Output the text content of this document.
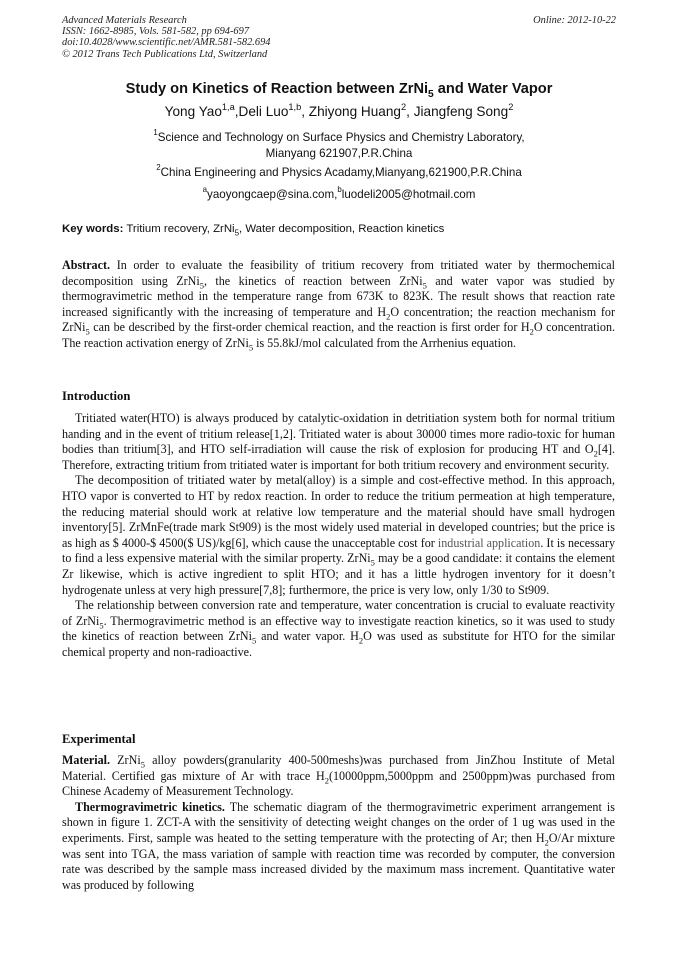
Advanced Materials Research
ISSN: 1662-8985, Vols. 581-582, pp 694-697
doi:10.4028/www.scientific.net/AMR.581-582.694
© 2012 Trans Tech Publications Ltd, Switzerland
Online: 2012-10-22
Study on Kinetics of Reaction between ZrNi$_5$ and Water Vapor
Yong Yao$^{1,a}$,Deli Luo$^{1,b}$, Zhiyong Huang$^2$, Jiangfeng Song$^2$
$^1$Science and Technology on Surface Physics and Chemistry Laboratory,
Mianyang 621907,P.R.China
$^2$China Engineering and Physics Acadamy,Mianyang,621900,P.R.China
$^a$yaoyongcaep@sina.com,$^b$luodeli2005@hotmail.com
Key words: Tritium recovery, ZrNi$_5$, Water decomposition, Reaction kinetics

Abstract. In order to evaluate the feasibility of tritium recovery from tritiated water by thermochemical decomposition using ZrNi$_5$, the kinetics of reaction between ZrNi$_5$ and water vapor was studied by thermogravimetric method in the temperature range from 673K to 823K. The result shows that reaction rate increased significantly with the increasing of temperature and $H_2O$ concentration; the reaction mechanism for ZrNi$_5$ can be described by the first-order chemical reaction, and the reaction is first order for $H_2O$ concentration. The reaction activation energy of ZrNi$_5$ is 55.8kJ/mol calculated from the Arrhenius equation.

Introduction

Tritiated water(HTO) is always produced by catalytic-oxidation in detritiation system both for normal tritium handing and in the event of tritium release[1,2]. Tritiated water is about 30000 times more radio-toxic for human bodies than tritium[3], and HTO self-irradiation will cause the risk of explosion for producing HT and $O_2[4]$. Therefore, extracting tritium from tritiated water is important for both tritium recovery and environment security.

The decomposition of tritiated water by metal(alloy) is a simple and cost-effective method. In this approach, HTO vapor is converted to HT by redox reaction. In order to reduce the tritium permeation at high temperature, the reducing material should work at relative low temperature and the material should have small hydrogen inventory[5]. ZrMnFe(trade mark St909) is the most widely used material in developed countries; but the price is as high as $ 4000-$ 4500($ US)/kg[6], which cause the unacceptable cost for industrial application. It is necessary to find a less expensive material with the similar property. ZrNi$_5$ may be a good candidate: it contains the element Zr likewise, which is active ingredient to split HTO; and it has a little hydrogen inventory for it doesn’t hydrogenate unless at very high pressure[7,8]; furthermore, the price is very low, only 1/30 to St909.

The relationship between conversion rate and temperature, water concentration is crucial to evaluate reactivity of ZrNi$_5$. Thermogravimetric method is an effective way to investigate reaction kinetics, so it was used to study the kinetics of reaction between ZrNi$_5$ and water vapor. $H_2O$ was used as substitute for HTO for the similar chemical property and non-radioactive.

Experimental

Material. ZrNi$_5$ alloy powders(granularity 400-500meshs)was purchased from JinZhou Institute of Metal Material. Certified gas mixture of Ar with trace $H_2(10000ppm,5000ppm$ and 2500ppm)was purchased from Chinese Academy of Measurement Technology.

Thermogravimetric kinetics. The schematic diagram of the thermogravimetric experiment arrangement is shown in figure 1. ZCT-A with the sensitivity of detecting weight changes on the order of 1 ug was used in the experiments. First, sample was heated to the setting temperature with the protecting of Ar; then $H_2O/Ar$ mixture was sent into TGA, the mass variation of sample with reaction time was recorded by computer, the conversion rate was described by the sample mass increased divided by the maximum mass increment. Quantitative water was produced by following
